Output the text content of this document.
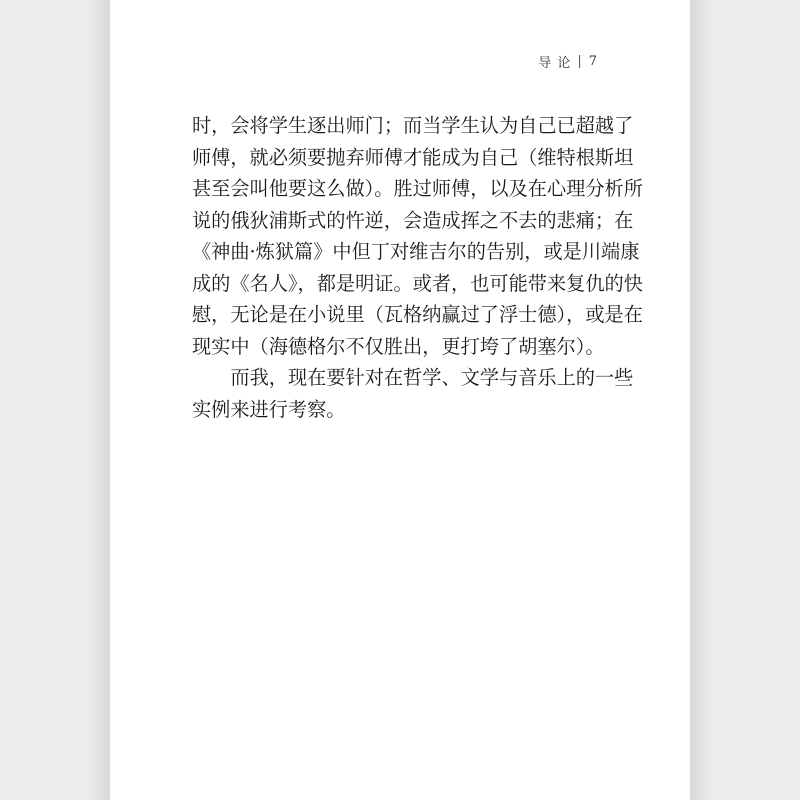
导 论 | 7

时，会将学生逐出师门；而当学生认为自己已超越了
师傅，就必须要抛弃师傅才能成为自己（维特根斯坦
甚至会叫他要这么做）。胜过师傅，以及在心理分析所
说的俄狄浦斯式的忤逆，会造成挥之不去的悲痛；在
《神曲·炼狱篇》中但丁对维吉尔的告别，或是川端康
成的《名人》，都是明证。或者，也可能带来复仇的快
慰，无论是在小说里（瓦格纳赢过了浮士德），或是在
现实中（海德格尔不仅胜出，更打垮了胡塞尔）。

而我，现在要针对在哲学、文学与音乐上的一些
实例来进行考察。
